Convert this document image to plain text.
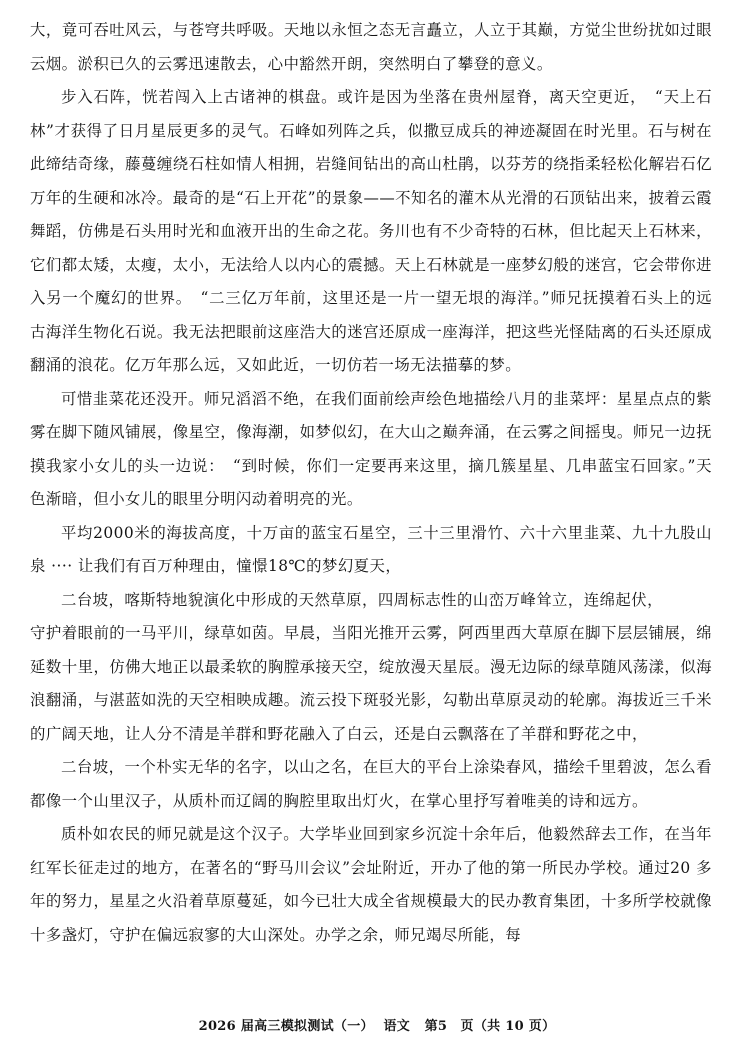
大，竟可吞吐风云，与苍穹共呼吸。天地以永恒之态无言矗立，人立于其巅，方觉尘世纷扰如过眼云烟。淤积已久的云雾迅速散去，心中豁然开朗，突然明白了攀登的意义。

步入石阵，恍若闯入上古诸神的棋盘。或许是因为坐落在贵州屋脊，离天空更近，　“天上石林”才获得了日月星辰更多的灵气。石峰如列阵之兵，似撒豆成兵的神迹凝固在时光里。石与树在此缔结奇缘，藤蔓缠绕石柱如情人相拥，岩缝间钻出的高山杜鹃，以芬芳的绕指柔轻松化解岩石亿万年的生硬和冰冷。最奇的是“石上开花”的景象——不知名的灌木从光滑的石顶钻出来，披着云霞舞蹈，仿佛是石头用时光和血液开出的生命之花。务川也有不少奇特的石林，但比起天上石林来，它们都太矮，太瘦，太小，无法给人以内心的震撼。天上石林就是一座梦幻般的迷宫，它会带你进入另一个魔幻的世界。　“二三亿万年前，这里还是一片一望无垠的海洋。”师兄抚摸着石头上的远古海洋生物化石说。我无法把眼前这座浩大的迷宫还原成一座海洋，把这些光怪陆离的石头还原成翻涌的浪花。亿万年那么远，又如此近，一切仿若一场无法描摹的梦。

可惜韭菜花还没开。师兄滔滔不绝，在我们面前绘声绘色地描绘八月的韭菜坪：星星点点的紫雾在脚下随风铺展，像星空，像海潮，如梦似幻，在大山之巅奔涌，在云雾之间摇曳。师兄一边抚摸我家小女儿的头一边说：　“到时候，你们一定要再来这里，摘几簇星星、几串蓝宝石回家。”天色渐暗，但小女儿的眼里分明闪动着明亮的光。

平均2000米的海拔高度，十万亩的蓝宝石星空，三十三里滑竹、六十六里韭菜、九十九股山泉 ···· 让我们有百万种理由，憧憬18℃的梦幻夏天，

二台坡，喀斯特地貌演化中形成的天然草原，四周标志性的山峦万峰耸立，连绵起伏，

守护着眼前的一马平川，绿草如茵。早晨，当阳光推开云雾，阿西里西大草原在脚下层层铺展，绵延数十里，仿佛大地正以最柔软的胸膛承接天空，绽放漫天星辰。漫无边际的绿草随风荡漾，似海浪翻涌，与湛蓝如洗的天空相映成趣。流云投下斑驳光影，勾勒出草原灵动的轮廓。海拔近三千米的广阔天地，让人分不清是羊群和野花融入了白云，还是白云飘落在了羊群和野花之中，

二台坡，一个朴实无华的名字，以山之名，在巨大的平台上涂染春风，描绘千里碧波，怎么看都像一个山里汉子，从质朴而辽阔的胸腔里取出灯火，在掌心里抒写着唯美的诗和远方。

质朴如农民的师兄就是这个汉子。大学毕业回到家乡沉淀十余年后，他毅然辞去工作，在当年红军长征走过的地方，在著名的“野马川会议”会址附近，开办了他的第一所民办学校。通过20 多年的努力，星星之火沿着草原蔓延，如今已壮大成全省规模最大的民办教育集团，十多所学校就像十多盏灯，守护在偏远寂寥的大山深处。办学之余，师兄竭尽所能，每

2026 届高三模拟测试（一） 语文 第5　页（共 10 页）
